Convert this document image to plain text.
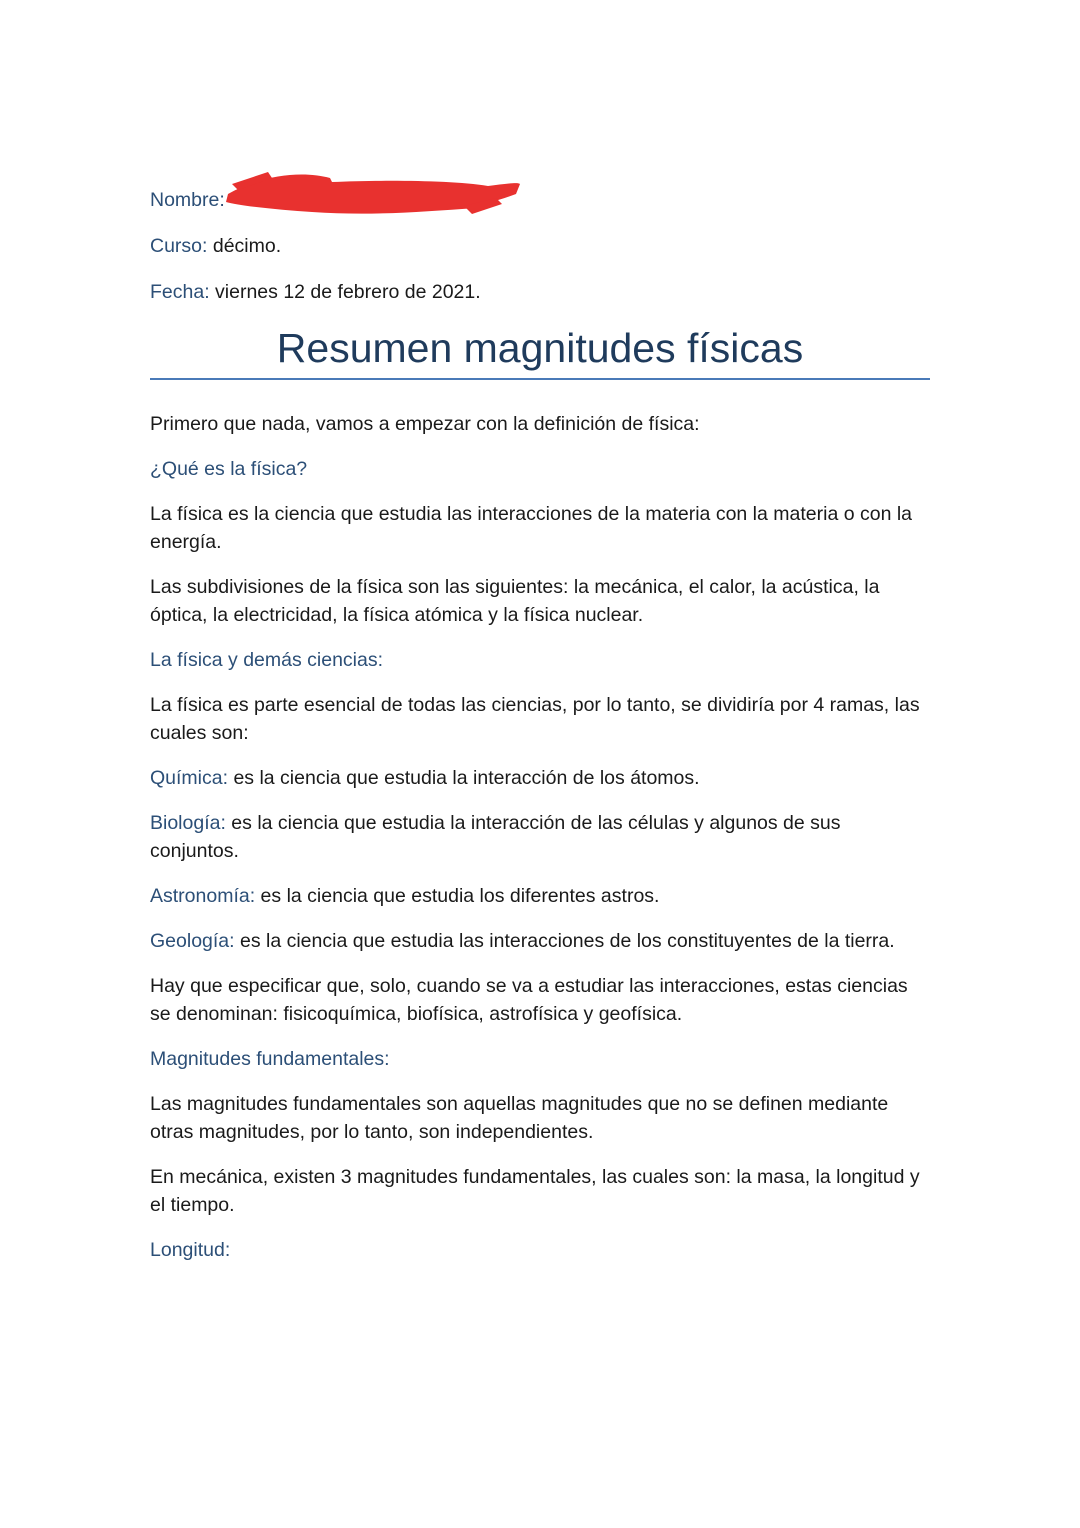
Nombre:

Curso: décimo.

Fecha: viernes 12 de febrero de 2021.

Resumen magnitudes físicas

Primero que nada, vamos a empezar con la definición de física:

¿Qué es la física?

La física es la ciencia que estudia las interacciones de la materia con la materia o con la energía.

Las subdivisiones de la física son las siguientes: la mecánica, el calor, la acústica, la óptica, la electricidad, la física atómica y la física nuclear.

La física y demás ciencias:

La física es parte esencial de todas las ciencias, por lo tanto, se dividiría por 4 ramas, las cuales son:

Química: es la ciencia que estudia la interacción de los átomos.

Biología: es la ciencia que estudia la interacción de las células y algunos de sus conjuntos.

Astronomía: es la ciencia que estudia los diferentes astros.

Geología: es la ciencia que estudia las interacciones de los constituyentes de la tierra.

Hay que especificar que, solo, cuando se va a estudiar las interacciones, estas ciencias se denominan: fisicoquímica, biofísica, astrofísica y geofísica.

Magnitudes fundamentales:

Las magnitudes fundamentales son aquellas magnitudes que no se definen mediante otras magnitudes, por lo tanto, son independientes.

En mecánica, existen 3 magnitudes fundamentales, las cuales son: la masa, la longitud y el tiempo.

Longitud:
